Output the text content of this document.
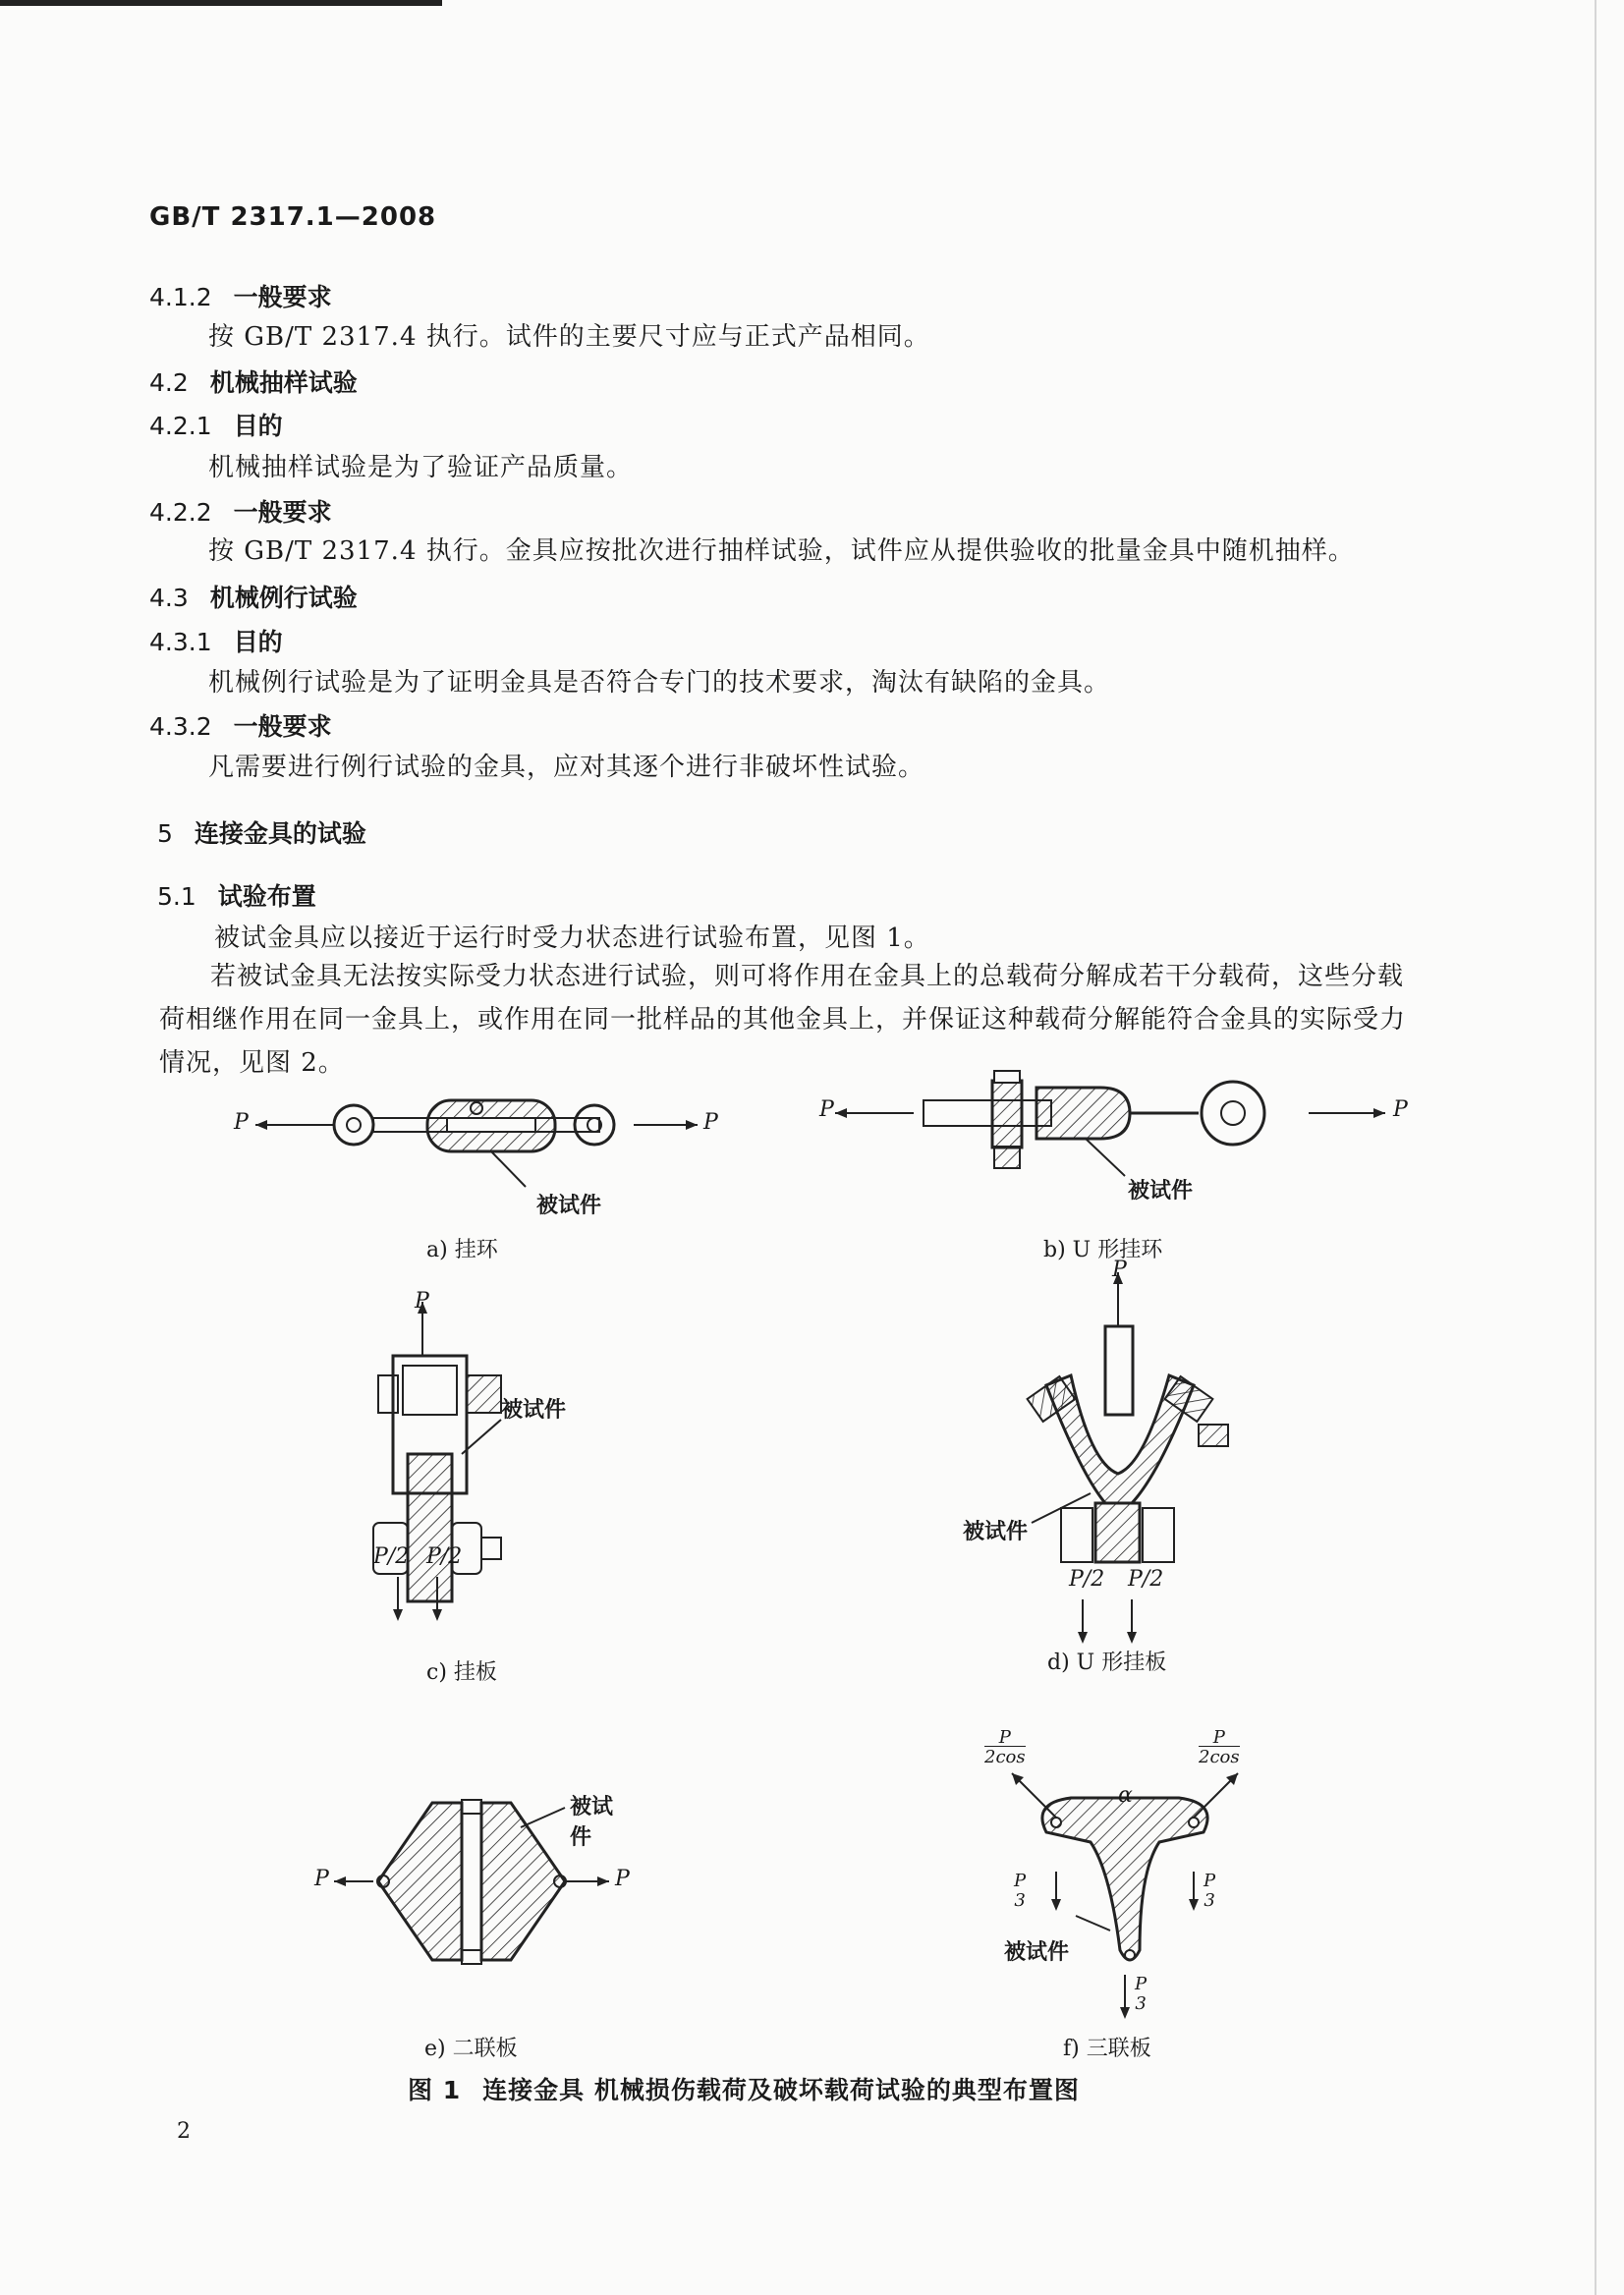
GB/T 2317.1—2008
4.1.2 一般要求
按 GB/T 2317.4 执行。试件的主要尺寸应与正式产品相同。
4.2 机械抽样试验
4.2.1 目的
机械抽样试验是为了验证产品质量。
4.2.2 一般要求
按 GB/T 2317.4 执行。金具应按批次进行抽样试验，试件应从提供验收的批量金具中随机抽样。
4.3 机械例行试验
4.3.1 目的
机械例行试验是为了证明金具是否符合专门的技术要求，淘汰有缺陷的金具。
4.3.2 一般要求
凡需要进行例行试验的金具，应对其逐个进行非破坏性试验。
5 连接金具的试验
5.1 试验布置
被试金具应以接近于运行时受力状态进行试验布置，见图 1。
若被试金具无法按实际受力状态进行试验，则可将作用在金具上的总载荷分解成若干分载荷，这些分载荷相继作用在同一金具上，或作用在同一批样品的其他金具上，并保证这种载荷分解能符合金具的实际受力情况，见图 2。
P	P
被试件
a) 挂环
P	P
被试件
b) U 形挂环
被试件
P
P/2 P/2
c) 挂板
P
被试件
P/2 P/2
d) U 形挂板
P	P
被试件
e) 二联板
P
2cos
P
2cos
α
P
3
P
3
P
3
被试件
f) 三联板
图 1 连接金具 机械损伤载荷及破坏载荷试验的典型布置图
2
